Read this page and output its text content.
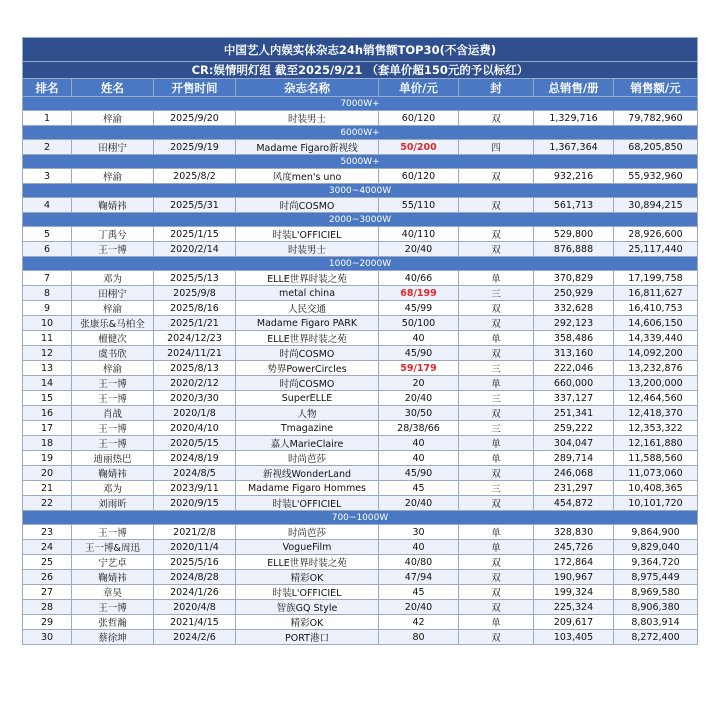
中国艺人内娱实体杂志24h销售额TOP30(不含运费)							
CR:娱情明灯组 截至2025/9/21 （套单价超150元的予以标红）							
排名	姓名	开售时间	杂志名称	单价/元	封	总销售/册	销售额/元
7000W+							
1	梓渝	2025/9/20	时装男士	60/120	双	1,329,716	79,782,960
6000W+							
2	田栩宁	2025/9/19	Madame Figaro新视线	50/200	四	1,367,364	68,205,850
5000W+							
3	梓渝	2025/8/2	风度men's uno	60/120	双	932,216	55,932,960
3000~4000W							
4	鞠婧祎	2025/5/31	时尚COSMO	55/110	双	561,713	30,894,215
2000~3000W							
5	丁禹兮	2025/1/15	时装L'OFFICIEL	40/110	双	529,800	28,926,600
6	王一博	2020/2/14	时装男士	20/40	双	876,888	25,117,440
1000~2000W							
7	邓为	2025/5/13	ELLE世界时装之苑	40/66	单	370,829	17,199,758
8	田栩宁	2025/9/8	metal china	68/199	三	250,929	16,811,627
9	梓渝	2025/8/16	人民交通	45/99	双	332,628	16,410,753
10	张康乐&马柏全	2025/1/21	Madame Figaro PARK	50/100	双	292,123	14,606,150
11	檀健次	2024/12/23	ELLE世界时装之苑	40	单	358,486	14,339,440
12	虞书欣	2024/11/21	时尚COSMO	45/90	双	313,160	14,092,200
13	梓渝	2025/8/13	势界PowerCircles	59/179	三	222,046	13,232,876
14	王一博	2020/2/12	时尚COSMO	20	单	660,000	13,200,000
15	王一博	2020/3/30	SuperELLE	20/40	三	337,127	12,464,560
16	肖战	2020/1/8	人物	30/50	双	251,341	12,418,370
17	王一博	2020/4/10	Tmagazine	28/38/66	三	259,222	12,353,322
18	王一博	2020/5/15	嘉人MarieClaire	40	单	304,047	12,161,880
19	迪丽热巴	2024/8/19	时尚芭莎	40	单	289,714	11,588,560
20	鞠婧祎	2024/8/5	新视线WonderLand	45/90	双	246,068	11,073,060
21	邓为	2023/9/11	Madame Figaro Hommes	45	三	231,297	10,408,365
22	刘雨昕	2020/9/15	时装L'OFFICIEL	20/40	双	454,872	10,101,720
700~1000W							
23	王一博	2021/2/8	时尚芭莎	30	单	328,830	9,864,900
24	王一博&周迅	2020/11/4	VogueFilm	40	单	245,726	9,829,040
25	宁艺卓	2025/5/16	ELLE世界时装之苑	40/80	双	172,864	9,364,720
26	鞠婧祎	2024/8/28	精彩OK	47/94	双	190,967	8,975,449
27	章昊	2024/1/26	时装L'OFFICIEL	45	双	199,324	8,969,580
28	王一博	2020/4/8	智族GQ Style	20/40	双	225,324	8,906,380
29	张哲瀚	2021/4/15	精彩OK	42	单	209,617	8,803,914
30	蔡徐坤	2024/2/6	PORT港口	80	双	103,405	8,272,400
